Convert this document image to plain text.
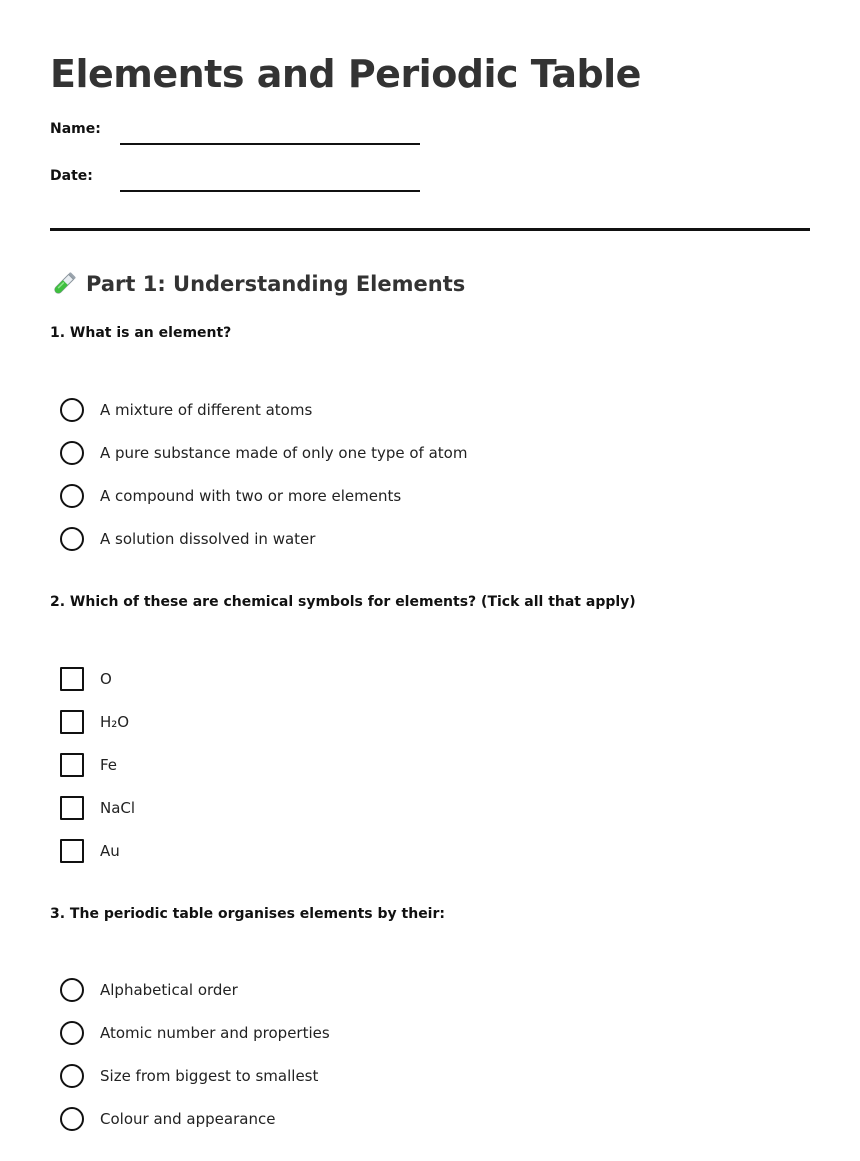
Elements and Periodic Table
Name:
Date:
Part 1: Understanding Elements

1. What is an element?

A mixture of different atoms
A pure substance made of only one type of atom
A compound with two or more elements
A solution dissolved in water

2. Which of these are chemical symbols for elements? (Tick all that apply)

O
H₂O
Fe
NaCl
Au

3. The periodic table organises elements by their:

Alphabetical order
Atomic number and properties
Size from biggest to smallest
Colour and appearance
